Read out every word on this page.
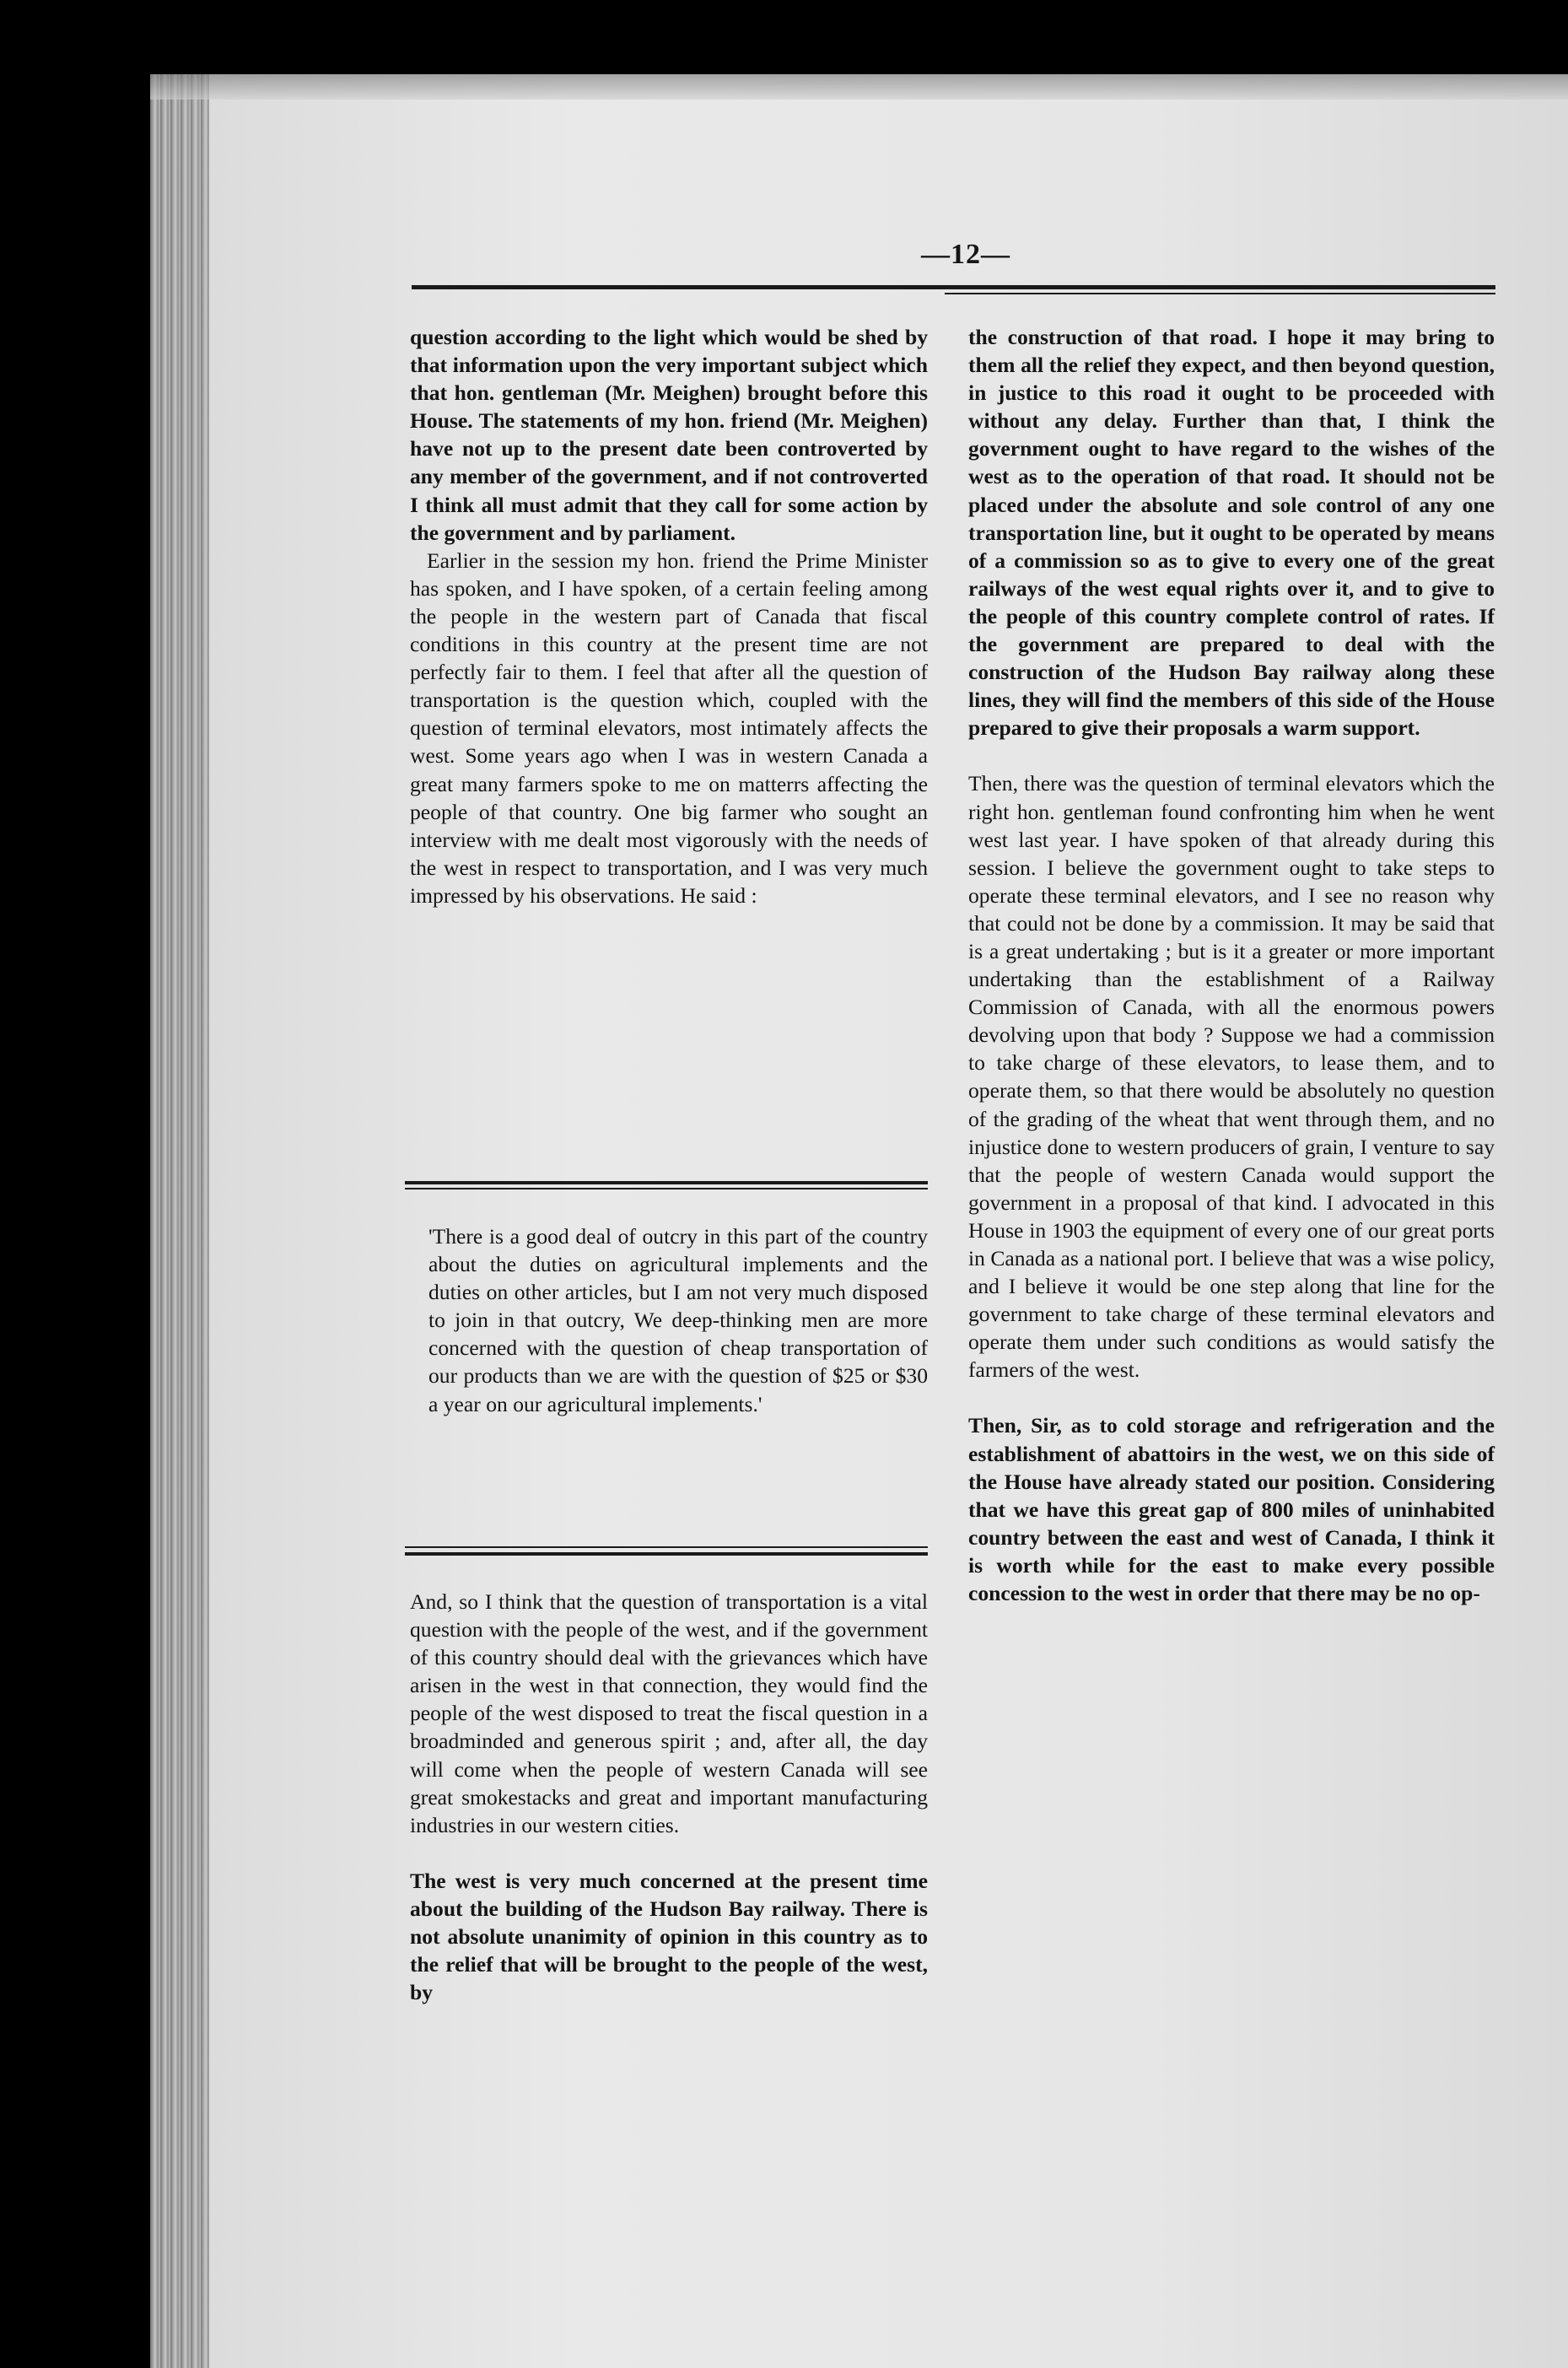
—12—

question according to the light which would be shed by that information upon the very important subject which that hon. gentleman (Mr. Meighen) brought before this House. The statements of my hon. friend (Mr. Meighen) have not up to the present date been controverted by any member of the government, and if not controverted I think all must admit that they call for some action by the government and by parliament.

Earlier in the session my hon. friend the Prime Minister has spoken, and I have spoken, of a certain feeling among the people in the western part of Canada that fiscal conditions in this country at the present time are not perfectly fair to them. I feel that after all the question of transportation is the question which, coupled with the question of terminal elevators, most intimately affects the west. Some years ago when I was in western Canada a great many farmers spoke to me on matterrs affecting the people of that country. One big farmer who sought an interview with me dealt most vigorously with the needs of the west in respect to transportation, and I was very much impressed by his observations. He said :

'There is a good deal of outcry in this part of the country about the duties on agricultural implements and the duties on other articles, but I am not very much disposed to join in that outcry, We deep-thinking men are more concerned with the question of cheap transportation of our products than we are with the question of $25 or $30 a year on our agricultural implements.'

And, so I think that the question of transportation is a vital question with the people of the west, and if the government of this country should deal with the grievances which have arisen in the west in that connection, they would find the people of the west disposed to treat the fiscal question in a broadminded and generous spirit ; and, after all, the day will come when the people of western Canada will see great smokestacks and great and important manufacturing industries in our western cities.

The west is very much concerned at the present time about the building of the Hudson Bay railway. There is not absolute unanimity of opinion in this country as to the relief that will be brought to the people of the west, by

the construction of that road. I hope it may bring to them all the relief they expect, and then beyond question, in justice to this road it ought to be proceeded with without any delay. Further than that, I think the government ought to have regard to the wishes of the west as to the operation of that road. It should not be placed under the absolute and sole control of any one transportation line, but it ought to be operated by means of a commission so as to give to every one of the great railways of the west equal rights over it, and to give to the people of this country complete control of rates. If the government are prepared to deal with the construction of the Hudson Bay railway along these lines, they will find the members of this side of the House prepared to give their proposals a warm support.

Then, there was the question of terminal elevators which the right hon. gentleman found confronting him when he went west last year. I have spoken of that already during this session. I believe the government ought to take steps to operate these terminal elevators, and I see no reason why that could not be done by a commission. It may be said that is a great undertaking ; but is it a greater or more important undertaking than the establishment of a Railway Commission of Canada, with all the enormous powers devolving upon that body ? Suppose we had a commission to take charge of these elevators, to lease them, and to operate them, so that there would be absolutely no question of the grading of the wheat that went through them, and no injustice done to western producers of grain, I venture to say that the people of western Canada would support the government in a proposal of that kind. I advocated in this House in 1903 the equipment of every one of our great ports in Canada as a national port. I believe that was a wise policy, and I believe it would be one step along that line for the government to take charge of these terminal elevators and operate them under such conditions as would satisfy the farmers of the west.

Then, Sir, as to cold storage and refrigeration and the establishment of abattoirs in the west, we on this side of the House have already stated our position. Considering that we have this great gap of 800 miles of uninhabited country between the east and west of Canada, I think it is worth while for the east to make every possible concession to the west in order that there may be no op-
